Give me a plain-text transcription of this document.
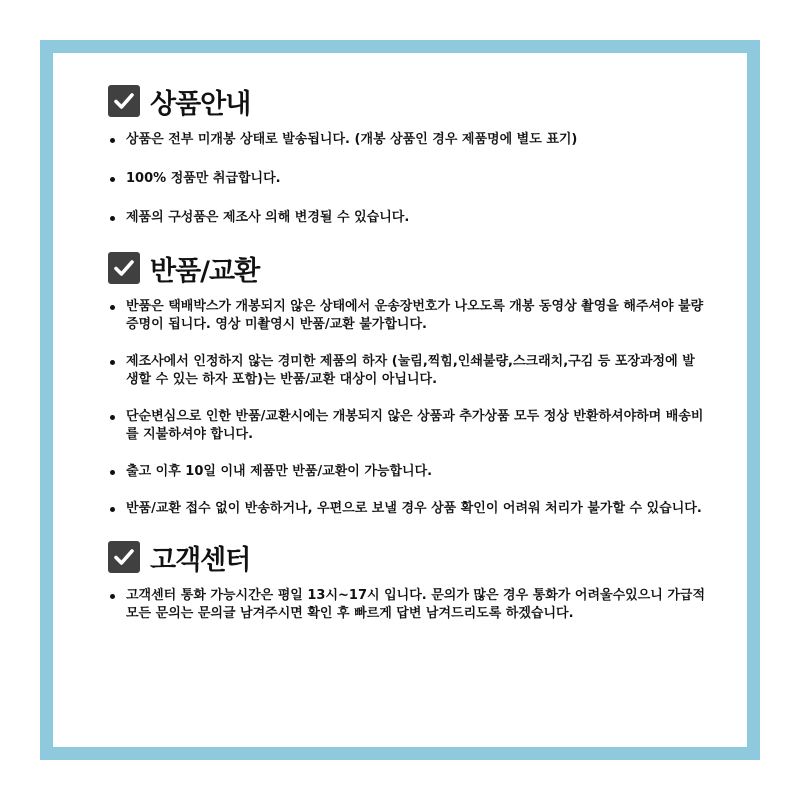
상품안내
상품은 전부 미개봉 상태로 발송됩니다. (개봉 상품인 경우 제품명에 별도 표기)
100% 정품만 취급합니다.
제품의 구성품은 제조사 의해 변경될 수 있습니다.
반품/교환
반품은 택배박스가 개봉되지 않은 상태에서 운송장번호가 나오도록 개봉 동영상 촬영을 해주셔야 불량 증명이 됩니다. 영상 미촬영시 반품/교환 불가합니다.
제조사에서 인정하지 않는 경미한 제품의 하자 (눌림,찍힘,인쇄불량,스크래치,구김 등 포장과정에 발생할 수 있는 하자 포함)는 반품/교환 대상이 아닙니다.
단순변심으로 인한 반품/교환시에는 개봉되지 않은 상품과 추가상품 모두 정상 반환하셔야하며 배송비를 지불하셔야 합니다.
출고 이후 10일 이내 제품만 반품/교환이 가능합니다.
반품/교환 접수 없이 반송하거나, 우편으로 보낼 경우 상품 확인이 어려워 처리가 불가할 수 있습니다.
고객센터
고객센터 통화 가능시간은 평일 13시~17시 입니다. 문의가 많은 경우 통화가 어려울수있으니 가급적 모든 문의는 문의글 남겨주시면 확인 후 빠르게 답변 남겨드리도록 하겠습니다.
